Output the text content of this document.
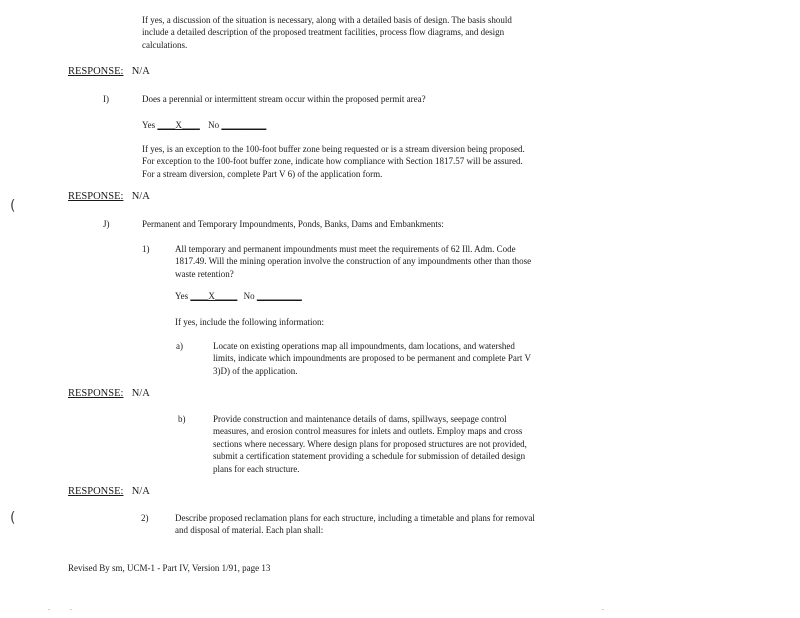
If yes, a discussion of the situation is necessary, along with a detailed basis of design. The basis should include a detailed description of the proposed treatment facilities, process flow diagrams, and design calculations.
RESPONSE: N/A
I)	Does a perennial or intermittent stream occur within the proposed permit area?
Yes ____X____ No __________
If yes, is an exception to the 100-foot buffer zone being requested or is a stream diversion being proposed. For exception to the 100-foot buffer zone, indicate how compliance with Section 1817.57 will be assured. For a stream diversion, complete Part V 6) of the application form.
RESPONSE: N/A
J)	Permanent and Temporary Impoundments, Ponds, Banks, Dams and Embankments:
1)	All temporary and permanent impoundments must meet the requirements of 62 Ill. Adm. Code 1817.49. Will the mining operation involve the construction of any impoundments other than those waste retention?
Yes ____X_____ No __________
If yes, include the following information:
a)	Locate on existing operations map all impoundments, dam locations, and watershed limits, indicate which impoundments are proposed to be permanent and complete Part V 3)D) of the application.
RESPONSE: N/A
b)	Provide construction and maintenance details of dams, spillways, seepage control measures, and erosion control measures for inlets and outlets. Employ maps and cross sections where necessary. Where design plans for proposed structures are not provided, submit a certification statement providing a schedule for submission of detailed design plans for each structure.
RESPONSE: N/A
2)	Describe proposed reclamation plans for each structure, including a timetable and plans for removal and disposal of material. Each plan shall:
Revised By sm, UCM-1 - Part IV, Version 1/91, page 13
(
(
.	.	.
